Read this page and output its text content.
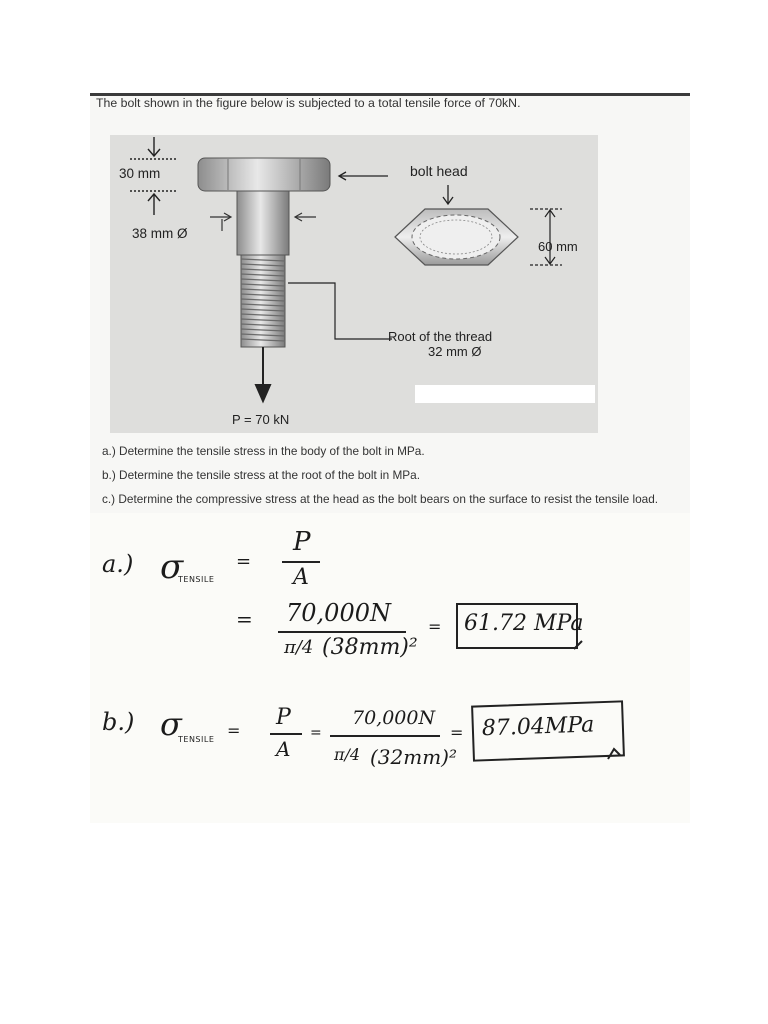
The bolt shown in the figure below is subjected to a total tensile force of 70kN.
30 mm
38 mm Ø
bolt head
60 mm
Root of the thread
32 mm Ø
P = 70 kN
a.) Determine the tensile stress in the body of the bolt in MPa.
b.) Determine the tensile stress at the root of the bolt in MPa.
c.) Determine the compressive stress at the head as the bolt bears on the surface to resist the tensile load.
a.) σ
TENSILE
=
P
A
= 70,000N
π/4 (38mm)²
= 61.72 MPa
b.) σ
TENSILE =
P
A
=
70,000N
π/4 (32mm)²
= 87.04MPa
